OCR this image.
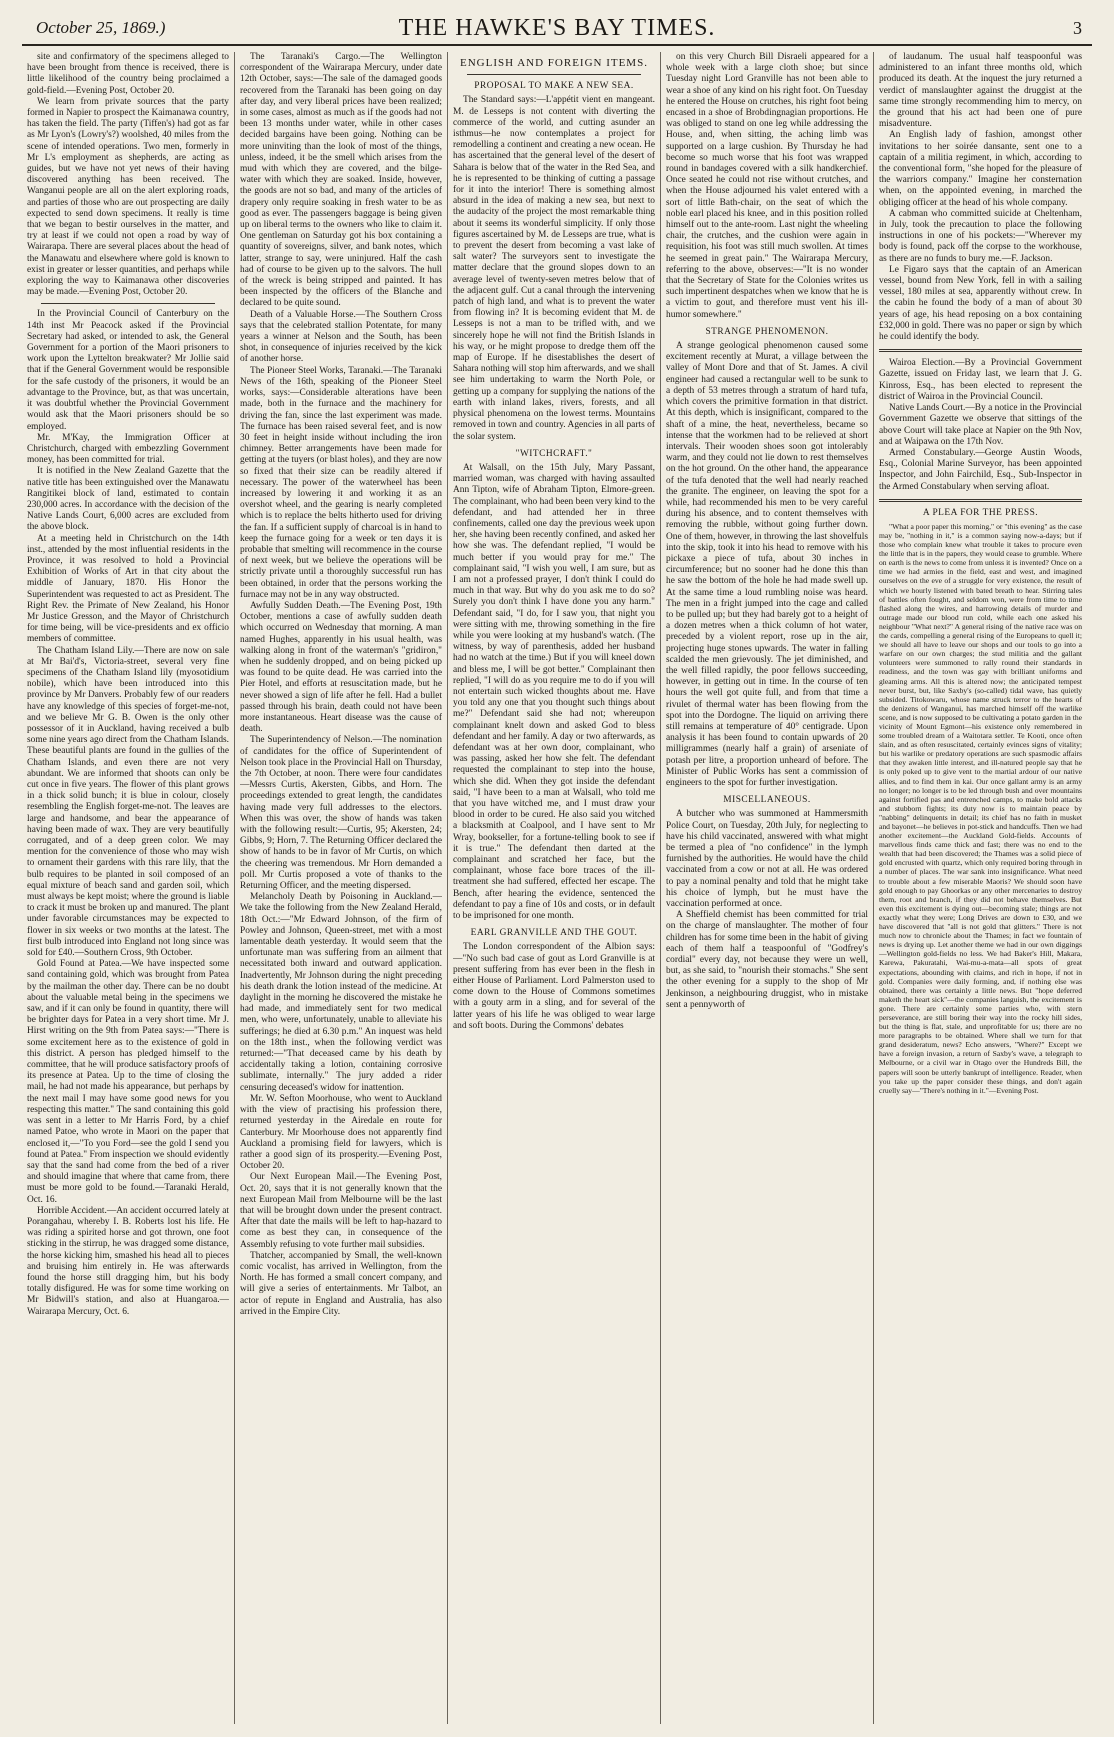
October 25, 1869.)	THE HAWKE'S BAY TIMES.	3

site and confirmatory of the specimens alleged to have been brought from thence is received, there is little likelihood of the country being proclaimed a gold-field.—Evening Post, October 20.

We learn from private sources that the party formed in Napier to prospect the Kaimanawa country, has taken the field. The party (Tiffen's) had got as far as Mr Lyon's (Lowry's?) woolshed, 40 miles from the scene of intended operations. Two men, formerly in Mr L's employment as shepherds, are acting as guides, but we have not yet news of their having discovered anything has been received. The Wanganui people are all on the alert exploring roads, and parties of those who are out prospecting are daily expected to send down specimens. It really is time that we began to bestir ourselves in the matter, and try at least if we could not open a road by way of Wairarapa. There are several places about the head of the Manawatu and elsewhere where gold is known to exist in greater or lesser quantities, and perhaps while exploring the way to Kaimanawa other discoveries may be made.—Evening Post, October 20.

In the Provincial Council of Canterbury on the 14th inst Mr Peacock asked if the Provincial Secretary had asked, or intended to ask, the General Government for a portion of the Maori prisoners to work upon the Lyttelton breakwater? Mr Jollie said that if the General Government would be responsible for the safe custody of the prisoners, it would be an advantage to the Province, but, as that was uncertain, it was doubtful whether the Provincial Government would ask that the Maori prisoners should be so employed.

Mr. M'Kay, the Immigration Officer at Christchurch, charged with embezzling Government money, has been committed for trial.

It is notified in the New Zealand Gazette that the native title has been extinguished over the Manawatu Rangitikei block of land, estimated to contain 230,000 acres. In accordance with the decision of the Native Lands Court, 6,000 acres are excluded from the above block.

At a meeting held in Christchurch on the 14th inst., attended by the most influential residents in the Province, it was resolved to hold a Provincial Exhibition of Works of Art in that city about the middle of January, 1870. His Honor the Superintendent was requested to act as President. The Right Rev. the Primate of New Zealand, his Honor Mr Justice Gresson, and the Mayor of Christchurch for time being, will be vice-presidents and ex officio members of committee.

The Chatham Island Lily.—There are now on sale at Mr Bai'd's, Victoria-street, several very fine specimens of the Chatham Island lily (myosotidium nobile), which have been introduced into this province by Mr Danvers. Probably few of our readers have any knowledge of this species of forget-me-not, and we believe Mr G. B. Owen is the only other possessor of it in Auckland, having received a bulb some nine years ago direct from the Chatham Islands. These beautiful plants are found in the gullies of the Chatham Islands, and even there are not very abundant. We are informed that shoots can only be cut once in five years. The flower of this plant grows in a thick solid bunch; it is blue in colour, closely resembling the English forget-me-not. The leaves are large and handsome, and bear the appearance of having been made of wax. They are very beautifully corrugated, and of a deep green color. We may mention for the convenience of those who may wish to ornament their gardens with this rare lily, that the bulb requires to be planted in soil composed of an equal mixture of beach sand and garden soil, which must always be kept moist; where the ground is liable to crack it must be broken up and manured. The plant under favorable circumstances may be expected to flower in six weeks or two months at the latest. The first bulb introduced into England not long since was sold for £40.—Southern Cross, 9th October.

Gold Found at Patea.—We have inspected some sand containing gold, which was brought from Patea by the mailman the other day. There can be no doubt about the valuable metal being in the specimens we saw, and if it can only be found in quantity, there will be brighter days for Patea in a very short time. Mr J. Hirst writing on the 9th from Patea says:—"There is some excitement here as to the existence of gold in this district. A person has pledged himself to the committee, that he will produce satisfactory proofs of its presence at Patea. Up to the time of closing the mail, he had not made his appearance, but perhaps by the next mail I may have some good news for you respecting this matter." The sand containing this gold was sent in a letter to Mr Harris Ford, by a chief named Patoe, who wrote in Maori on the paper that enclosed it,—"To you Ford—see the gold I send you found at Patea." From inspection we should evidently say that the sand had come from the bed of a river and should imagine that where that came from, there must be more gold to be found.—Taranaki Herald, Oct. 16.

Horrible Accident.—An accident occurred lately at Porangahau, whereby I. B. Roberts lost his life. He was riding a spirited horse and got thrown, one foot sticking in the stirrup, he was dragged some distance, the horse kicking him, smashed his head all to pieces and bruising him entirely in. He was afterwards found the horse still dragging him, but his body totally disfigured. He was for some time working on Mr Bidwill's station, and also at Huangaroa.—Wairarapa Mercury, Oct. 6.

The Taranaki's Cargo.—The Wellington correspondent of the Wairarapa Mercury, under date 12th October, says:—The sale of the damaged goods recovered from the Taranaki has been going on day after day, and very liberal prices have been realized; in some cases, almost as much as if the goods had not been 13 months under water, while in other cases decided bargains have been going. Nothing can be more uninviting than the look of most of the things, unless, indeed, it be the smell which arises from the mud with which they are covered, and the bilge-water with which they are soaked. Inside, however, the goods are not so bad, and many of the articles of drapery only require soaking in fresh water to be as good as ever. The passengers baggage is being given up on liberal terms to the owners who like to claim it. One gentleman on Saturday got his box containing a quantity of sovereigns, silver, and bank notes, which latter, strange to say, were uninjured. Half the cash had of course to be given up to the salvors. The hull of the wreck is being stripped and painted. It has been inspected by the officers of the Blanche and declared to be quite sound.

Death of a Valuable Horse.—The Southern Cross says that the celebrated stallion Potentate, for many years a winner at Nelson and the South, has been shot, in consequence of injuries received by the kick of another horse.

The Pioneer Steel Works, Taranaki.—The Taranaki News of the 16th, speaking of the Pioneer Steel works, says:—Considerable alterations have been made, both in the furnace and the machinery for driving the fan, since the last experiment was made. The furnace has been raised several feet, and is now 30 feet in height inside without including the iron chimney. Better arrangements have been made for getting at the tuyers (or blast holes), and they are now so fixed that their size can be readily altered if necessary. The power of the waterwheel has been increased by lowering it and working it as an overshot wheel, and the gearing is nearly completed which is to replace the belts hitherto used for driving the fan. If a sufficient supply of charcoal is in hand to keep the furnace going for a week or ten days it is probable that smelting will recommence in the course of next week, but we believe the operations will be strictly private until a thoroughly successful run has been obtained, in order that the persons working the furnace may not be in any way obstructed.

Awfully Sudden Death.—The Evening Post, 19th October, mentions a case of awfully sudden death which occurred on Wednesday that morning. A man named Hughes, apparently in his usual health, was walking along in front of the waterman's "gridiron," when he suddenly dropped, and on being picked up was found to be quite dead. He was carried into the Pier Hotel, and efforts at resuscitation made, but he never showed a sign of life after he fell. Had a bullet passed through his brain, death could not have been more instantaneous. Heart disease was the cause of death.

The Superintendency of Nelson.—The nomination of candidates for the office of Superintendent of Nelson took place in the Provincial Hall on Thursday, the 7th October, at noon. There were four candidates—Messrs Curtis, Akersten, Gibbs, and Horn. The proceedings extended to great length, the candidates having made very full addresses to the electors. When this was over, the show of hands was taken with the following result:—Curtis, 95; Akersten, 24; Gibbs, 9; Horn, 7. The Returning Officer declared the show of hands to be in favor of Mr Curtis, on which the cheering was tremendous. Mr Horn demanded a poll. Mr Curtis proposed a vote of thanks to the Returning Officer, and the meeting dispersed.

Melancholy Death by Poisoning in Auckland.—We take the following from the New Zealand Herald, 18th Oct.:—"Mr Edward Johnson, of the firm of Powley and Johnson, Queen-street, met with a most lamentable death yesterday. It would seem that the unfortunate man was suffering from an ailment that necessitated both inward and outward application. Inadvertently, Mr Johnson during the night preceding his death drank the lotion instead of the medicine. At daylight in the morning he discovered the mistake he had made, and immediately sent for two medical men, who were, unfortunately, unable to alleviate his sufferings; he died at 6.30 p.m." An inquest was held on the 18th inst., when the following verdict was returned:—"That deceased came by his death by accidentally taking a lotion, containing corrosive sublimate, internally." The jury added a rider censuring deceased's widow for inattention.

Mr. W. Sefton Moorhouse, who went to Auckland with the view of practising his profession there, returned yesterday in the Airedale en route for Canterbury. Mr Moorhouse does not apparently find Auckland a promising field for lawyers, which is rather a good sign of its prosperity.—Evening Post, October 20.

Our Next European Mail.—The Evening Post, Oct. 20, says that it is not generally known that the next European Mail from Melbourne will be the last that will be brought down under the present contract. After that date the mails will be left to hap-hazard to come as best they can, in consequence of the Assembly refusing to vote further mail subsidies.

Thatcher, accompanied by Small, the well-known comic vocalist, has arrived in Wellington, from the North. He has formed a small concert company, and will give a series of entertainments. Mr Talbot, an actor of repute in England and Australia, has also arrived in the Empire City.

ENGLISH AND FOREIGN ITEMS.
PROPOSAL TO MAKE A NEW SEA.

The Standard says:—L'appétit vient en mangeant. M. de Lesseps is not content with diverting the commerce of the world, and cutting asunder an isthmus—he now contemplates a project for remodelling a continent and creating a new ocean. He has ascertained that the general level of the desert of Sahara is below that of the water in the Red Sea, and he is represented to be thinking of cutting a passage for it into the interior! There is something almost absurd in the idea of making a new sea, but next to the audacity of the project the most remarkable thing about it seems its wonderful simplicity. If only those figures ascertained by M. de Lesseps are true, what is to prevent the desert from becoming a vast lake of salt water? The surveyors sent to investigate the matter declare that the ground slopes down to an average level of twenty-seven metres below that of the adjacent gulf. Cut a canal through the intervening patch of high land, and what is to prevent the water from flowing in? It is becoming evident that M. de Lesseps is not a man to be trifled with, and we sincerely hope he will not find the British Islands in his way, or he might propose to dredge them off the map of Europe. If he disestablishes the desert of Sahara nothing will stop him afterwards, and we shall see him undertaking to warm the North Pole, or getting up a company for supplying the nations of the earth with inland lakes, rivers, forests, and all physical phenomena on the lowest terms. Mountains removed in town and country. Agencies in all parts of the solar system.

"WITCHCRAFT."

At Walsall, on the 15th July, Mary Passant, married woman, was charged with having assaulted Ann Tipton, wife of Abraham Tipton, Elmore-green. The complainant, who had been been very kind to the defendant, and had attended her in three confinements, called one day the previous week upon her, she having been recently confined, and asked her how she was. The defendant replied, "I would be much better if you would pray for me." The complainant said, "I wish you well, I am sure, but as I am not a professed prayer, I don't think I could do much in that way. But why do you ask me to do so? Surely you don't think I have done you any harm." Defendant said, "I do, for I saw you, that night you were sitting with me, throwing something in the fire while you were looking at my husband's watch. (The witness, by way of parenthesis, added her husband had no watch at the time.) But if you will kneel down and bless me, I will be got better." Complainant then replied, "I will do as you require me to do if you will not entertain such wicked thoughts about me. Have you told any one that you thought such things about me?" Defendant said she had not; whereupon complainant knelt down and asked God to bless defendant and her family. A day or two afterwards, as defendant was at her own door, complainant, who was passing, asked her how she felt. The defendant requested the complainant to step into the house, which she did. When they got inside the defendant said, "I have been to a man at Walsall, who told me that you have witched me, and I must draw your blood in order to be cured. He also said you witched a blacksmith at Coalpool, and I have sent to Mr Wray, bookseller, for a fortune-telling book to see if it is true." The defendant then darted at the complainant and scratched her face, but the complainant, whose face bore traces of the ill-treatment she had suffered, effected her escape. The Bench, after hearing the evidence, sentenced the defendant to pay a fine of 10s and costs, or in default to be imprisoned for one month.

EARL GRANVILLE AND THE GOUT.

The London correspondent of the Albion says:—"No such bad case of gout as Lord Granville is at present suffering from has ever been in the flesh in either House of Parliament. Lord Palmerston used to come down to the House of Commons sometimes with a gouty arm in a sling, and for several of the latter years of his life he was obliged to wear large and soft boots. During the Commons' debates

on this very Church Bill Disraeli appeared for a whole week with a large cloth shoe; but since Tuesday night Lord Granville has not been able to wear a shoe of any kind on his right foot. On Tuesday he entered the House on crutches, his right foot being encased in a shoe of Brobdingnagian proportions. He was obliged to stand on one leg while addressing the House, and, when sitting, the aching limb was supported on a large cushion. By Thursday he had become so much worse that his foot was wrapped round in bandages covered with a silk handkerchief. Once seated he could not rise without crutches, and when the House adjourned his valet entered with a sort of little Bath-chair, on the seat of which the noble earl placed his knee, and in this position rolled himself out to the ante-room. Last night the wheeling chair, the crutches, and the cushion were again in requisition, his foot was still much swollen. At times he seemed in great pain." The Wairarapa Mercury, referring to the above, observes:—"It is no wonder that the Secretary of State for the Colonies writes us such impertinent despatches when we know that he is a victim to gout, and therefore must vent his ill-humor somewhere."

STRANGE PHENOMENON.

A strange geological phenomenon caused some excitement recently at Murat, a village between the valley of Mont Dore and that of St. James. A civil engineer had caused a rectangular well to be sunk to a depth of 53 metres through a stratum of hard tufa, which covers the primitive formation in that district. At this depth, which is insignificant, compared to the shaft of a mine, the heat, nevertheless, became so intense that the workmen had to be relieved at short intervals. Their wooden shoes soon got intolerably warm, and they could not lie down to rest themselves on the hot ground. On the other hand, the appearance of the tufa denoted that the well had nearly reached the granite. The engineer, on leaving the spot for a while, had recommended his men to be very careful during his absence, and to content themselves with removing the rubble, without going further down. One of them, however, in throwing the last shovelfuls into the skip, took it into his head to remove with his pickaxe a piece of tufa, about 30 inches in circumference; but no sooner had he done this than he saw the bottom of the hole he had made swell up. At the same time a loud rumbling noise was heard. The men in a fright jumped into the cage and called to be pulled up; but they had barely got to a height of a dozen metres when a thick column of hot water, preceded by a violent report, rose up in the air, projecting huge stones upwards. The water in falling scalded the men grievously. The jet diminished, and the well filled rapidly, the poor fellows succeeding, however, in getting out in time. In the course of ten hours the well got quite full, and from that time a rivulet of thermal water has been flowing from the spot into the Dordogne. The liquid on arriving there still remains at temperature of 40° centigrade. Upon analysis it has been found to contain upwards of 20 milligrammes (nearly half a grain) of arseniate of potash per litre, a proportion unheard of before. The Minister of Public Works has sent a commission of engineers to the spot for further investigation.

MISCELLANEOUS.

A butcher who was summoned at Hammersmith Police Court, on Tuesday, 20th July, for neglecting to have his child vaccinated, answered with what might be termed a plea of "no confidence" in the lymph furnished by the authorities. He would have the child vaccinated from a cow or not at all. He was ordered to pay a nominal penalty and told that he might take his choice of lymph, but he must have the vaccination performed at once.

A Sheffield chemist has been committed for trial on the charge of manslaughter. The mother of four children has for some time been in the habit of giving each of them half a teaspoonful of "Godfrey's cordial" every day, not because they were un well, but, as she said, to "nourish their stomachs." She sent the other evening for a supply to the shop of Mr Jenkinson, a neighbouring druggist, who in mistake sent a pennyworth of

of laudanum. The usual half teaspoonful was administered to an infant three months old, which produced its death. At the inquest the jury returned a verdict of manslaughter against the druggist at the same time strongly recommending him to mercy, on the ground that his act had been one of pure misadventure.

An English lady of fashion, amongst other invitations to her soirée dansante, sent one to a captain of a militia regiment, in which, according to the conventional form, "she hoped for the pleasure of the warriors company." Imagine her consternation when, on the appointed evening, in marched the obliging officer at the head of his whole company.

A cabman who committed suicide at Cheltenham, in July, took the precaution to place the following instructions in one of his pockets:—"Wherever my body is found, pack off the corpse to the workhouse, as there are no funds to bury me.—F. Jackson.

Le Figaro says that the captain of an American vessel, bound from New York, fell in with a sailing vessel, 180 miles at sea, apparently without crew. In the cabin he found the body of a man of about 30 years of age, his head reposing on a box containing £32,000 in gold. There was no paper or sign by which he could identify the body.

Wairoa Election.—By a Provincial Government Gazette, issued on Friday last, we learn that J. G. Kinross, Esq., has been elected to represent the district of Wairoa in the Provincial Council.

Native Lands Court.—By a notice in the Provincial Government Gazette we observe that sittings of the above Court will take place at Napier on the 9th Nov, and at Waipawa on the 17th Nov.

Armed Constabulary.—George Austin Woods, Esq., Colonial Marine Surveyor, has been appointed Inspector, and John Fairchild, Esq., Sub-Inspector in the Armed Constabulary when serving afloat.

A PLEA FOR THE PRESS.

"What a poor paper this morning," or "this evening" as the case may be, "nothing in it," is a common saying now-a-days; but if those who complain knew what trouble it takes to procure even the little that is in the papers, they would cease to grumble. Where on earth is the news to come from unless it is invented? Once on a time we had armies in the field, east and west, and imagined ourselves on the eve of a struggle for very existence, the result of which we hourly listened with bated breath to hear. Stirring tales of battles often fought, and seldom won, were from time to time flashed along the wires, and harrowing details of murder and outrage made our blood run cold, while each one asked his neighbour "What next?" A general rising of the native race was on the cards, compelling a general rising of the Europeans to quell it; we should all have to leave our shops and our tools to go into a warfare on our own charges; the stud militia and the gallant volunteers were summoned to rally round their standards in readiness, and the town was gay with brilliant uniforms and gleaming arms. All this is altered now; the anticipated tempest never burst, but, like Saxby's (so-called) tidal wave, has quietly subsided. Titokowaru, whose name struck terror to the hearts of the denizens of Wanganui, has marched himself off the warlike scene, and is now supposed to be cultivating a potato garden in the vicinity of Mount Egmont—his existence only remembered in some troubled dream of a Waitotara settler. Te Kooti, once often slain, and as often resuscitated, certainly evinces signs of vitality; but his warlike or predatory operations are such spasmodic affairs that they awaken little interest, and ill-natured people say that he is only poked up to give vent to the martial ardour of our native allies, and to find them in kai. Our once gallant army is an army no longer; no longer is to be led through bush and over mountains against fortified pas and entrenched camps, to make bold attacks and stubborn fights; its duty now is to maintain peace by "nabbing" delinquents in detail; its chief has no faith in musket and bayonet—he believes in pot-stick and handcuffs. Then we had another excitement—the Auckland Gold-fields. Accounts of marvellous finds came thick and fast; there was no end to the wealth that had been discovered; the Thames was a solid piece of gold encrusted with quartz, which only required boring through in a number of places. The war sank into insignificance. What need to trouble about a few miserable Maoris? We should soon have gold enough to pay Ghoorkas or any other mercenaries to destroy them, root and branch, if they did not behave themselves. But even this excitement is dying out—becoming stale; things are not exactly what they were; Long Drives are down to £30, and we have discovered that "all is not gold that glitters." There is not much now to chronicle about the Thames; in fact we fountain of news is drying up. Let another theme we had in our own diggings—Wellington gold-fields no less. We had Baker's Hill, Makara, Karewa, Pakuratahi, Wai-mu-a-mata—all spots of great expectations, abounding with claims, and rich in hope, if not in gold. Companies were daily forming, and, if nothing else was obtained, there was certainly a little news. But "hope deferred maketh the heart sick"—the companies languish, the excitement is gone. There are certainly some parties who, with stern perseverance, are still boring their way into the rocky hill sides, but the thing is flat, stale, and unprofitable for us; there are no more paragraphs to be obtained. Where shall we turn for that grand desideratum, news? Echo answers, "Where?" Except we have a foreign invasion, a return of Saxby's wave, a telegraph to Melbourne, or a civil war in Otago over the Hundreds Bill, the papers will soon be utterly bankrupt of intelligence. Reader, when you take up the paper consider these things, and don't again cruelly say—"There's nothing in it."—Evening Post.
